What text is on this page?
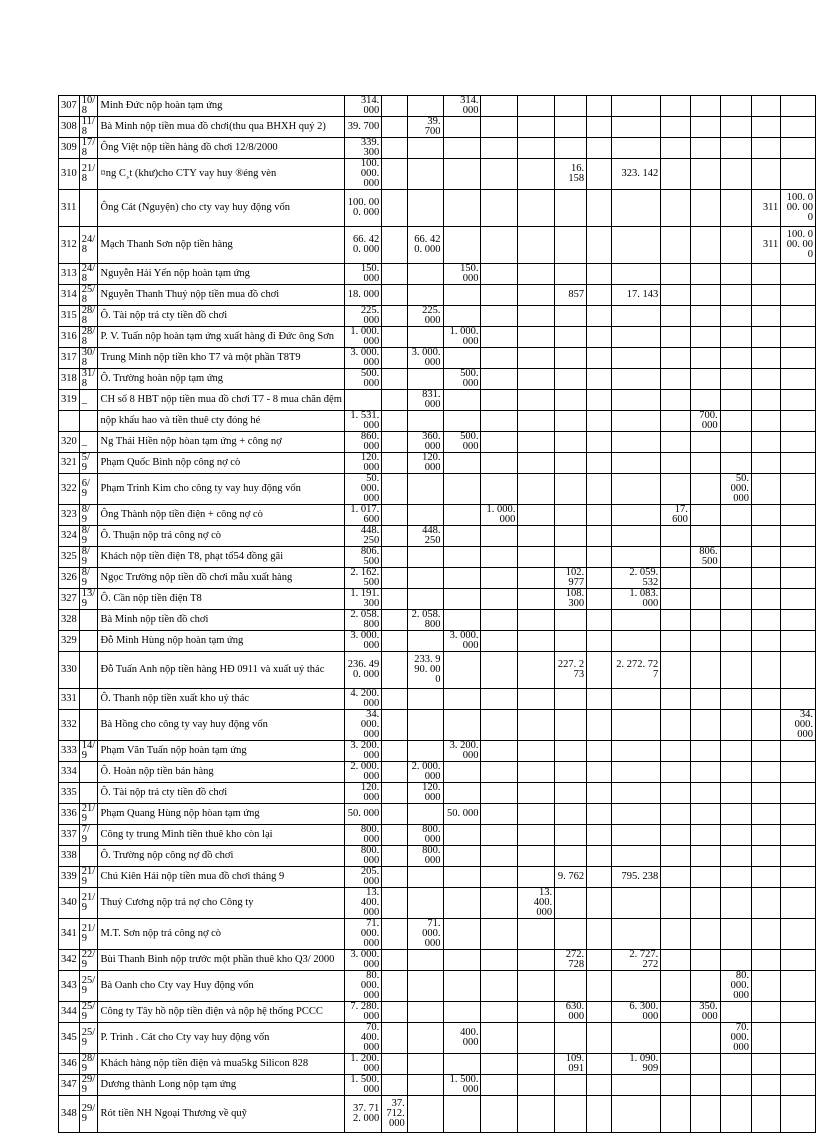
307	10/ 8	Minh Đức nộp hoàn tạm ứng	314. 000			314. 000										
308	11/ 8	Bà Minh nộp tiền mua đồ chơi(thu qua BHXH quý 2)	39. 700		39. 700											
309	17/ 8	Ông Việt nộp tiền hàng đồ chơi 12/8/2000	339. 300													
310	21/ 8	¤ng C¸t (khư)cho CTY vay huy ®éng vèn	100. 000. 000						16. 158		323. 142					
311		Ông Cát (Nguyện) cho cty vay huy động vốn	100. 000. 000												311	100. 000. 000
312	24/ 8	Mạch Thanh Sơn nộp tiền hàng	66. 420. 000		66. 420. 000										311	100. 000. 000
313	24/ 8	Nguyễn Hải Yến nộp hoàn tạm ứng	150. 000			150. 000										
314	25/ 8	Nguyễn Thanh Thuỷ nộp tiền mua đồ chơi	18. 000						857		17. 143					
315	28/ 8	Ô. Tài nộp trả cty tiền đồ chơi	225. 000		225. 000											
316	28/ 8	P. V. Tuấn nộp hoàn tạm ứng xuất hàng đi Đức ông Sơn	1. 000. 000			1. 000. 000										
317	30/ 8	Trung Minh nộp tiền kho T7 và một phần T8T9	3. 000. 000		3. 000. 000											
318	31/ 8	Ô. Trường hoàn nộp tạm ứng	500. 000			500. 000										
319	_	CH số 8 HBT nộp tiền mua đồ chơi T7 - 8 mua chăn đệm			831. 000											
		nộp khấu hao và tiền thuê cty đóng hé	1. 531. 000										700. 000			
320	_	Ng Thái Hiền nộp hòan tạm ứng + công nợ	860. 000		360. 000	500. 000										
321	5/ 9	Phạm Quốc Bình nộp công nợ cò	120. 000		120. 000											
322	6/ 9	Phạm Trình Kim cho công ty vay huy động vốn	50. 000. 000											50. 000. 000		
323	8/ 9	Ông Thành nộp tiền điện + công nợ cò	1. 017. 600				1. 000. 000					17. 600				
324	8/ 9	Ô. Thuận nộp trả công nợ cò	448. 250		448. 250											
325	8/ 9	Khách nộp tiền điện T8, phạt tố54 đồng gãi	806. 500										806. 500			
326	8/ 9	Ngọc Trường nộp tiền đồ chơi mẫu xuất hàng	2. 162. 500						102. 977		2. 059. 532					
327	13/ 9	Ô. Cần nộp tiền điện T8	1. 191. 300						108. 300		1. 083. 000					
328		Bà Minh nộp tiền đồ chơi	2. 058. 800		2. 058. 800											
329		Đỗ Minh Hùng nộp hoàn tạm ứng	3. 000. 000			3. 000. 000										
330		Đỗ Tuấn Anh nộp tiền hàng HĐ 0911 và xuất uỷ thác	236. 490. 000		233. 990. 000				227. 273		2. 272. 727					
331		Ô. Thanh nộp tiền xuất kho uỷ thác	4. 200. 000													
332		Bà Hồng cho công ty vay huy động vốn	34. 000. 000													34. 000. 000
333	14/ 9	Phạm Văn Tuấn nộp hoàn tạm ứng	3. 200. 000			3. 200. 000										
334		Ô. Hoàn nộp tiền bán hàng	2. 000. 000		2. 000. 000											
335		Ô. Tài nộp trả cty tiền đồ chơi	120. 000		120. 000											
336	21/ 9	Phạm Quang Hùng nộp hòan tạm ứng	50. 000			50. 000										
337	7/ 9	Công ty trung Minh tiền thuê kho còn lại	800. 000		800. 000											
338		Ô. Trường nộp công nợ đồ chơi	800. 000		800. 000											
339	21/ 9	Chú Kiên Hải nộp tiền mua đồ chơi tháng 9	205. 000						9. 762		795. 238					
340	21/ 9	Thuỷ Cương nộp trả nợ cho Công ty	13. 400. 000					13. 400. 000								
341	21/ 9	M.T. Sơn nộp trả công nợ cò	71. 000. 000		71. 000. 000											
342	22/ 9	Bùi Thanh Bình nộp trước một phần thuê kho Q3/ 2000	3. 000. 000						272. 728		2. 727. 272					
343	25/ 9	Bà Oanh cho Cty vay Huy động vốn	80. 000. 000											80. 000. 000		
344	25/ 9	Công ty Tây hồ nộp tiền điện và nộp hệ thống PCCC	7. 280. 000						630. 000		6. 300. 000		350. 000			
345	25/ 9	P. Trình . Cát cho Cty vay huy động vốn	70. 400. 000			400. 000								70. 000. 000		
346	28/ 9	Khách hàng nộp tiền điện và mua5kg Silicon 828	1. 200. 000						109. 091		1. 090. 909					
347	29/ 9	Dương thành Long nộp tạm ứng	1. 500. 000			1. 500. 000										
348	29/ 9	Rót tiền NH Ngoại Thương về quỹ	37. 712. 000	37. 712. 000												
